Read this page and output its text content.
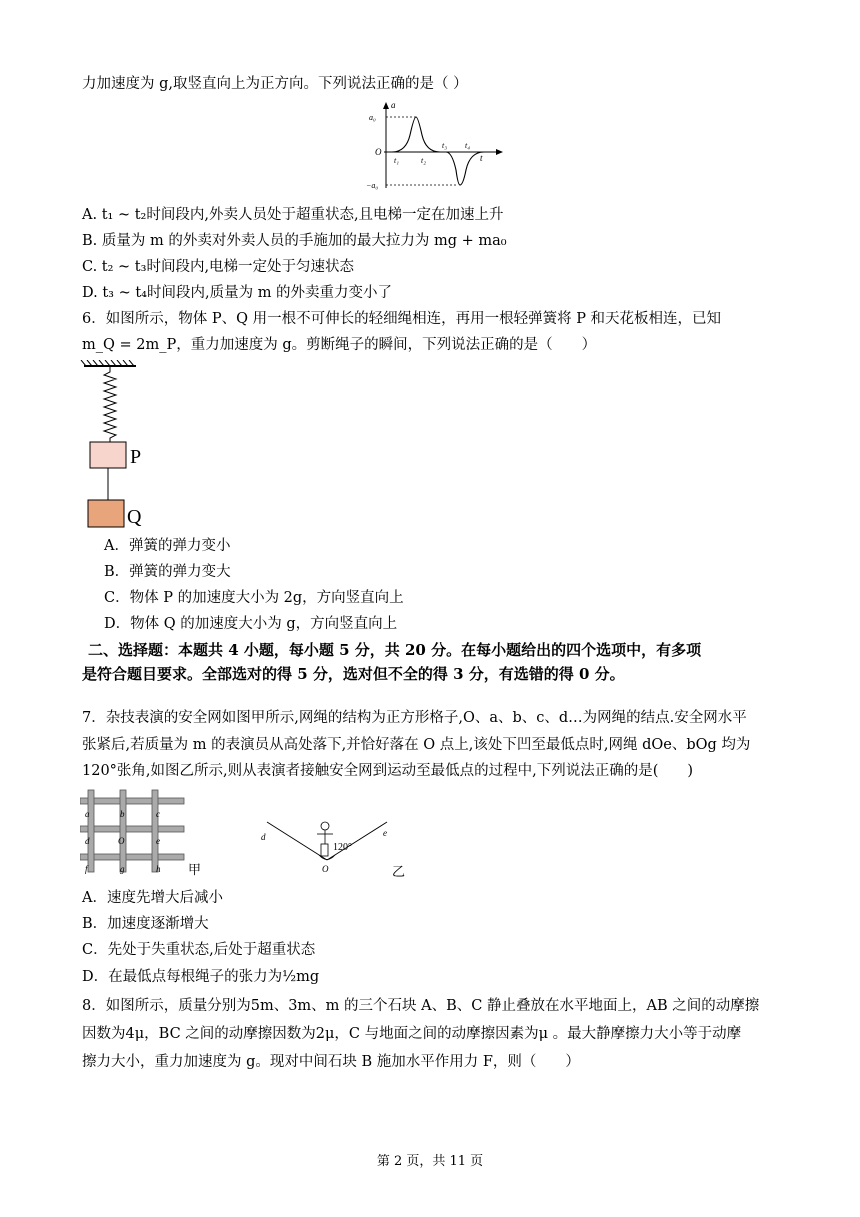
力加速度为 g,取竖直向上为正方向。下列说法正确的是（ ）
a
a₀
O
−a₀
t
t₁	t₂
t₃ t₄
A. t₁ ~ t₂时间段内,外卖人员处于超重状态,且电梯一定在加速上升
B. 质量为 m 的外卖对外卖人员的手施加的最大拉力为 mg + ma₀
C. t₂ ~ t₃时间段内,电梯一定处于匀速状态
D. t₃ ~ t₄时间段内,质量为 m 的外卖重力变小了
6．如图所示，物体 P、Q 用一根不可伸长的轻细绳相连，再用一根轻弹簧将 P 和天花板相连，已知
m_Q = 2m_P，重力加速度为 g。剪断绳子的瞬间，下列说法正确的是（　　）
P
Q
A．弹簧的弹力变小
B．弹簧的弹力变大
C．物体 P 的加速度大小为 2g，方向竖直向上
D．物体 Q 的加速度大小为 g，方向竖直向上
二、选择题：本题共 4 小题，每小题 5 分，共 20 分。在每小题给出的四个选项中，有多项
是符合题目要求。全部选对的得 5 分，选对但不全的得 3 分，有选错的得 0 分。
7．杂技表演的安全网如图甲所示,网绳的结构为正方形格子,O、a、b、c、d…为网绳的结点.安全网水平
张紧后,若质量为 m 的表演员从高处落下,并恰好落在 O 点上,该处下凹至最低点时,网绳 dOe、bOg 均为
120°张角,如图乙所示,则从表演者接触安全网到运动至最低点的过程中,下列说法正确的是(　　)
a	b	c
d	O	e
f	g	h 甲
120°
d	e
O	乙
A．速度先增大后减小
B．加速度逐渐增大
C．先处于失重状态,后处于超重状态
D．在最低点每根绳子的张力为½mg
8．如图所示，质量分别为5m、3m、m 的三个石块 A、B、C 静止叠放在水平地面上，AB 之间的动摩擦
因数为4μ，BC 之间的动摩擦因数为2μ，C 与地面之间的动摩擦因素为μ 。最大静摩擦力大小等于动摩
擦力大小，重力加速度为 g。现对中间石块 B 施加水平作用力 F，则（　　）
第 2 页，共 11 页
